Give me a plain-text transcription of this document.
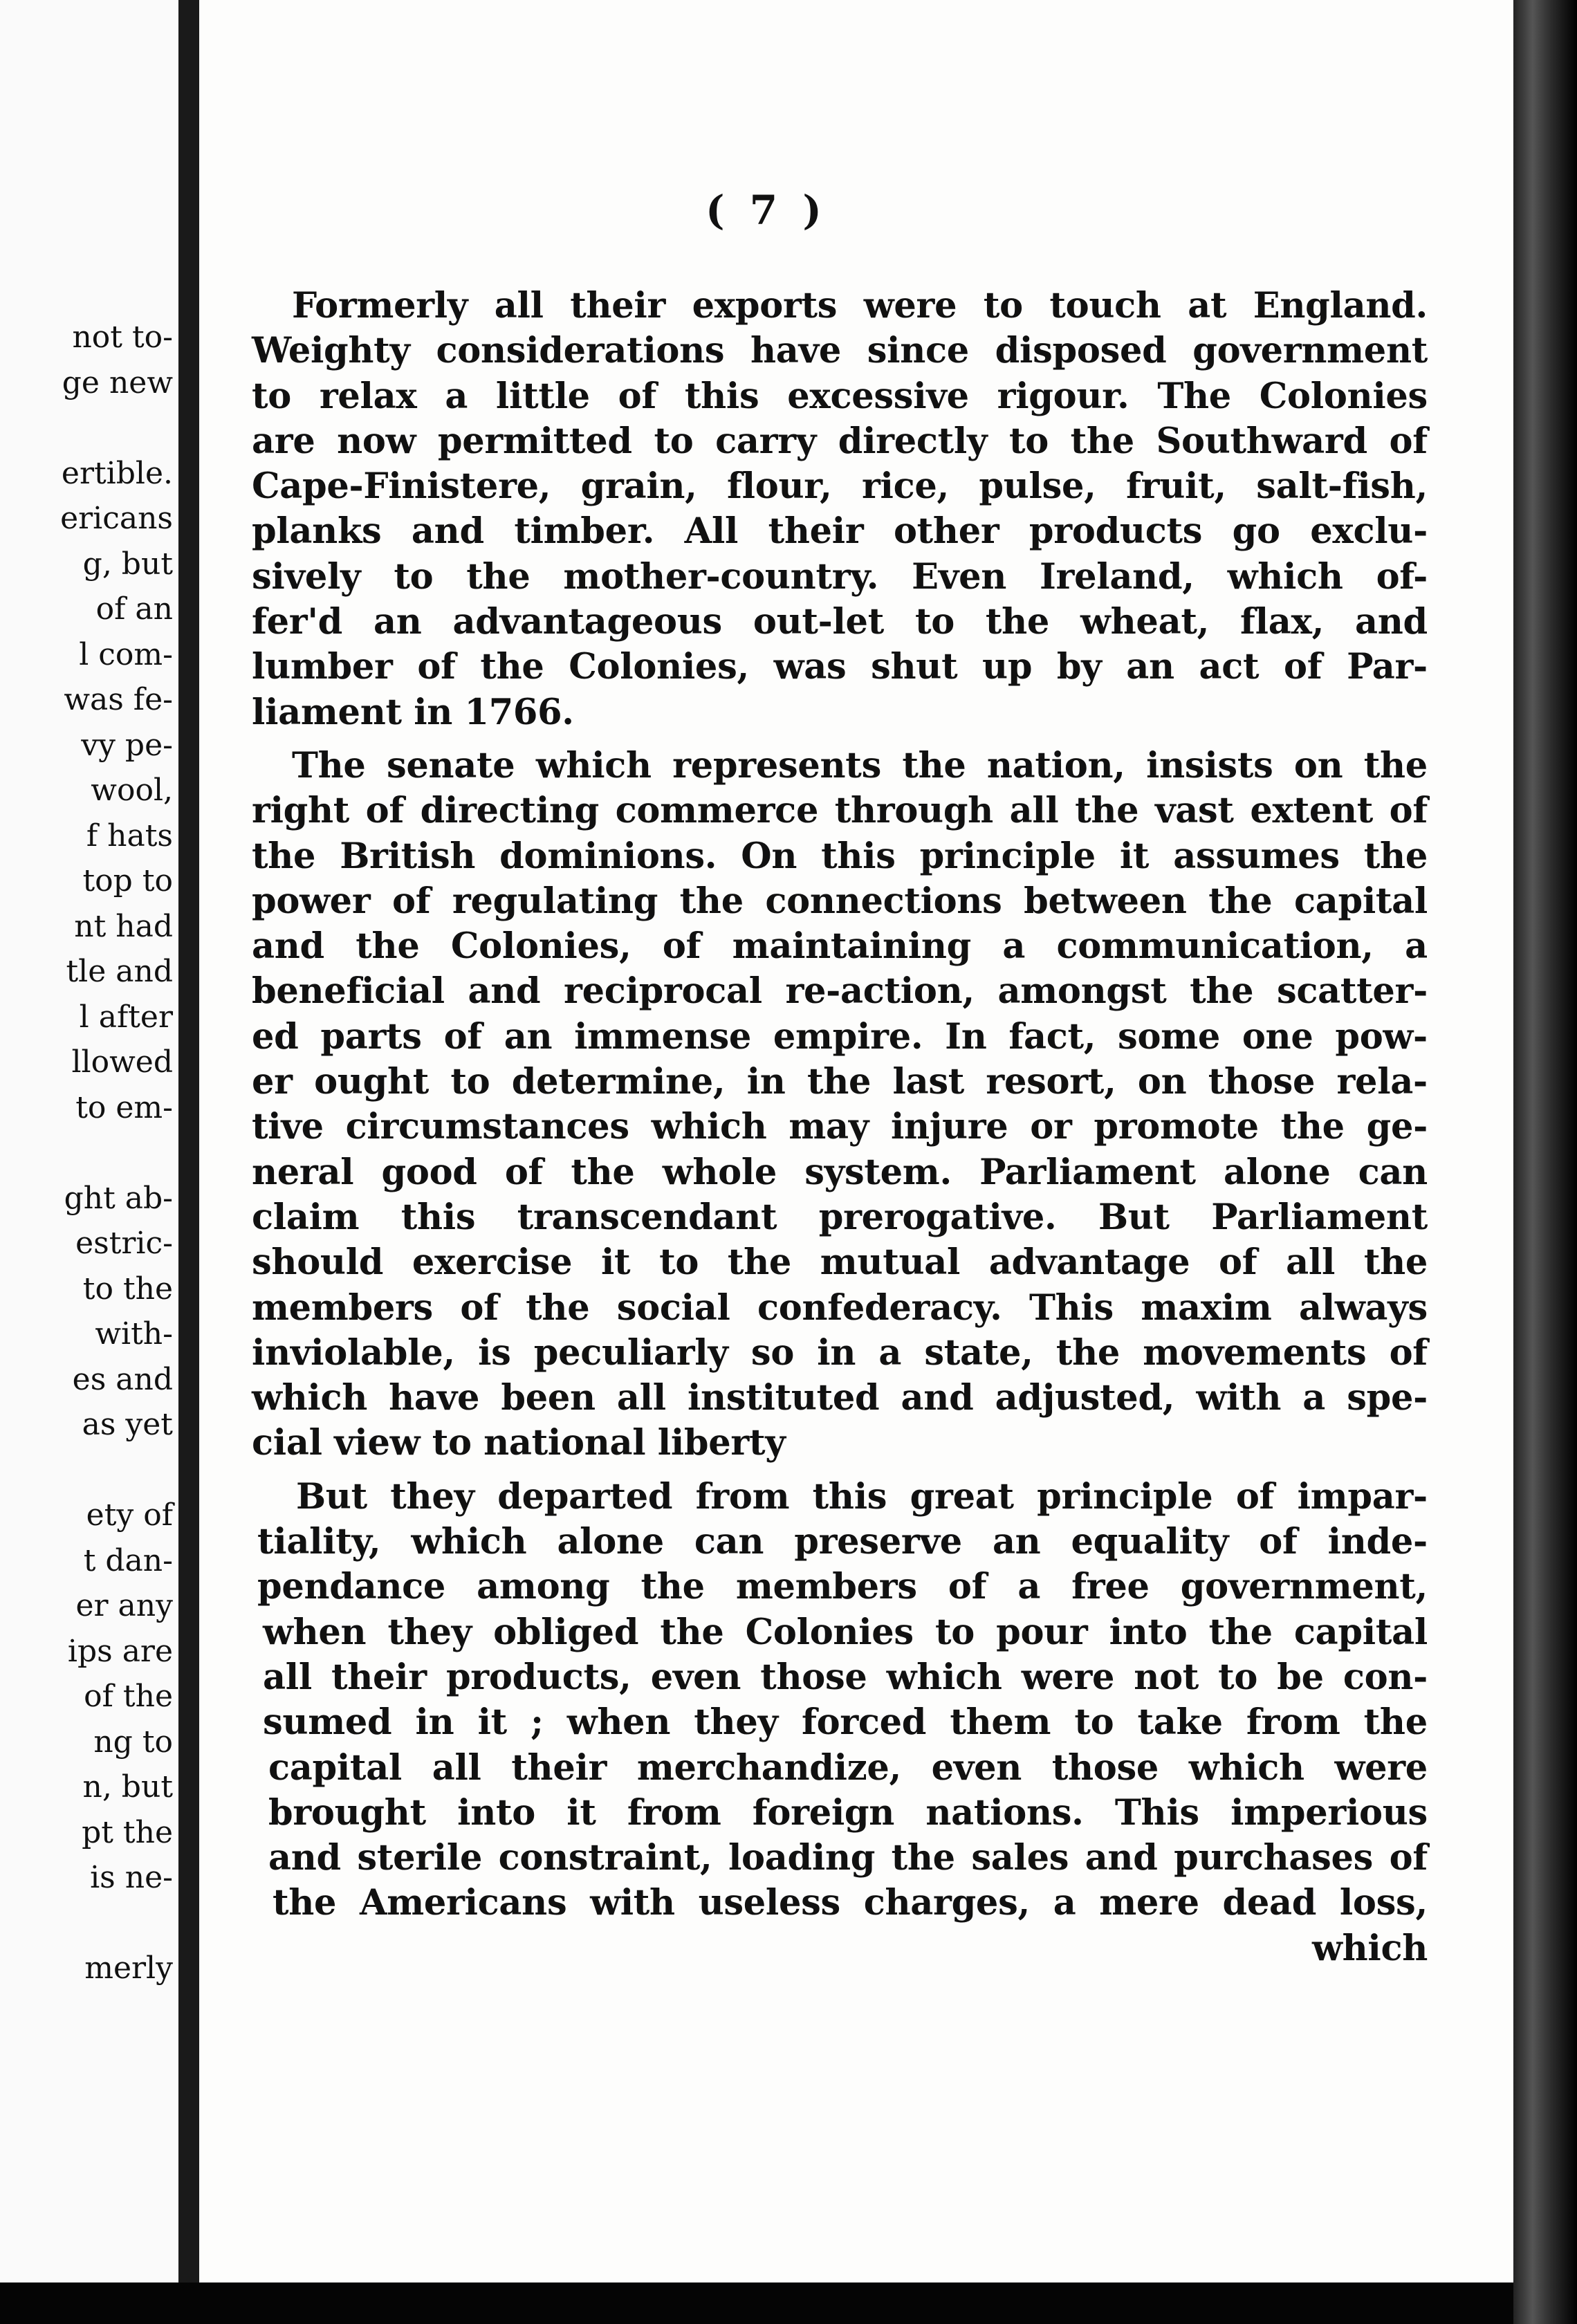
not to-
ge new

ertible.
ericans
g, but
of an
l com-
was fe-
vy pe-
wool,
f hats
top to
nt had
tle and
l after
llowed
to em-

ght ab-
estric-
to the
with-
es and
as yet

ety of
t dan-
er any
ips are
of the
ng to
n, but
pt the
is ne-

merly
( 7 )
Formerly all their exports were to touch at England.
Weighty considerations have since disposed government
to relax a little of this excessive rigour. The Colonies
are now permitted to carry directly to the Southward of
Cape-Finistere, grain, flour, rice, pulse, fruit, salt-fish,
planks and timber. All their other products go exclu-
sively to the mother-country. Even Ireland, which of-
fer'd an advantageous out-let to the wheat, flax, and
lumber of the Colonies, was shut up by an act of Par-
liament in 1766.
The senate which represents the nation, insists on the
right of directing commerce through all the vast extent of
the British dominions. On this principle it assumes the
power of regulating the connections between the capital
and the Colonies, of maintaining a communication, a
beneficial and reciprocal re-action, amongst the scatter-
ed parts of an immense empire. In fact, some one pow-
er ought to determine, in the last resort, on those rela-
tive circumstances which may injure or promote the ge-
neral good of the whole system. Parliament alone can
claim this transcendant prerogative. But Parliament
should exercise it to the mutual advantage of all the
members of the social confederacy. This maxim always
inviolable, is peculiarly so in a state, the movements of
which have been all instituted and adjusted, with a spe-
cial view to national liberty
But they departed from this great principle of impar-
tiality, which alone can preserve an equality of inde-
pendance among the members of a free government,
when they obliged the Colonies to pour into the capital
all their products, even those which were not to be con-
sumed in it ; when they forced them to take from the
capital all their merchandize, even those which were
brought into it from foreign nations. This imperious
and sterile constraint, loading the sales and purchases of
the Americans with useless charges, a mere dead loss,
which
